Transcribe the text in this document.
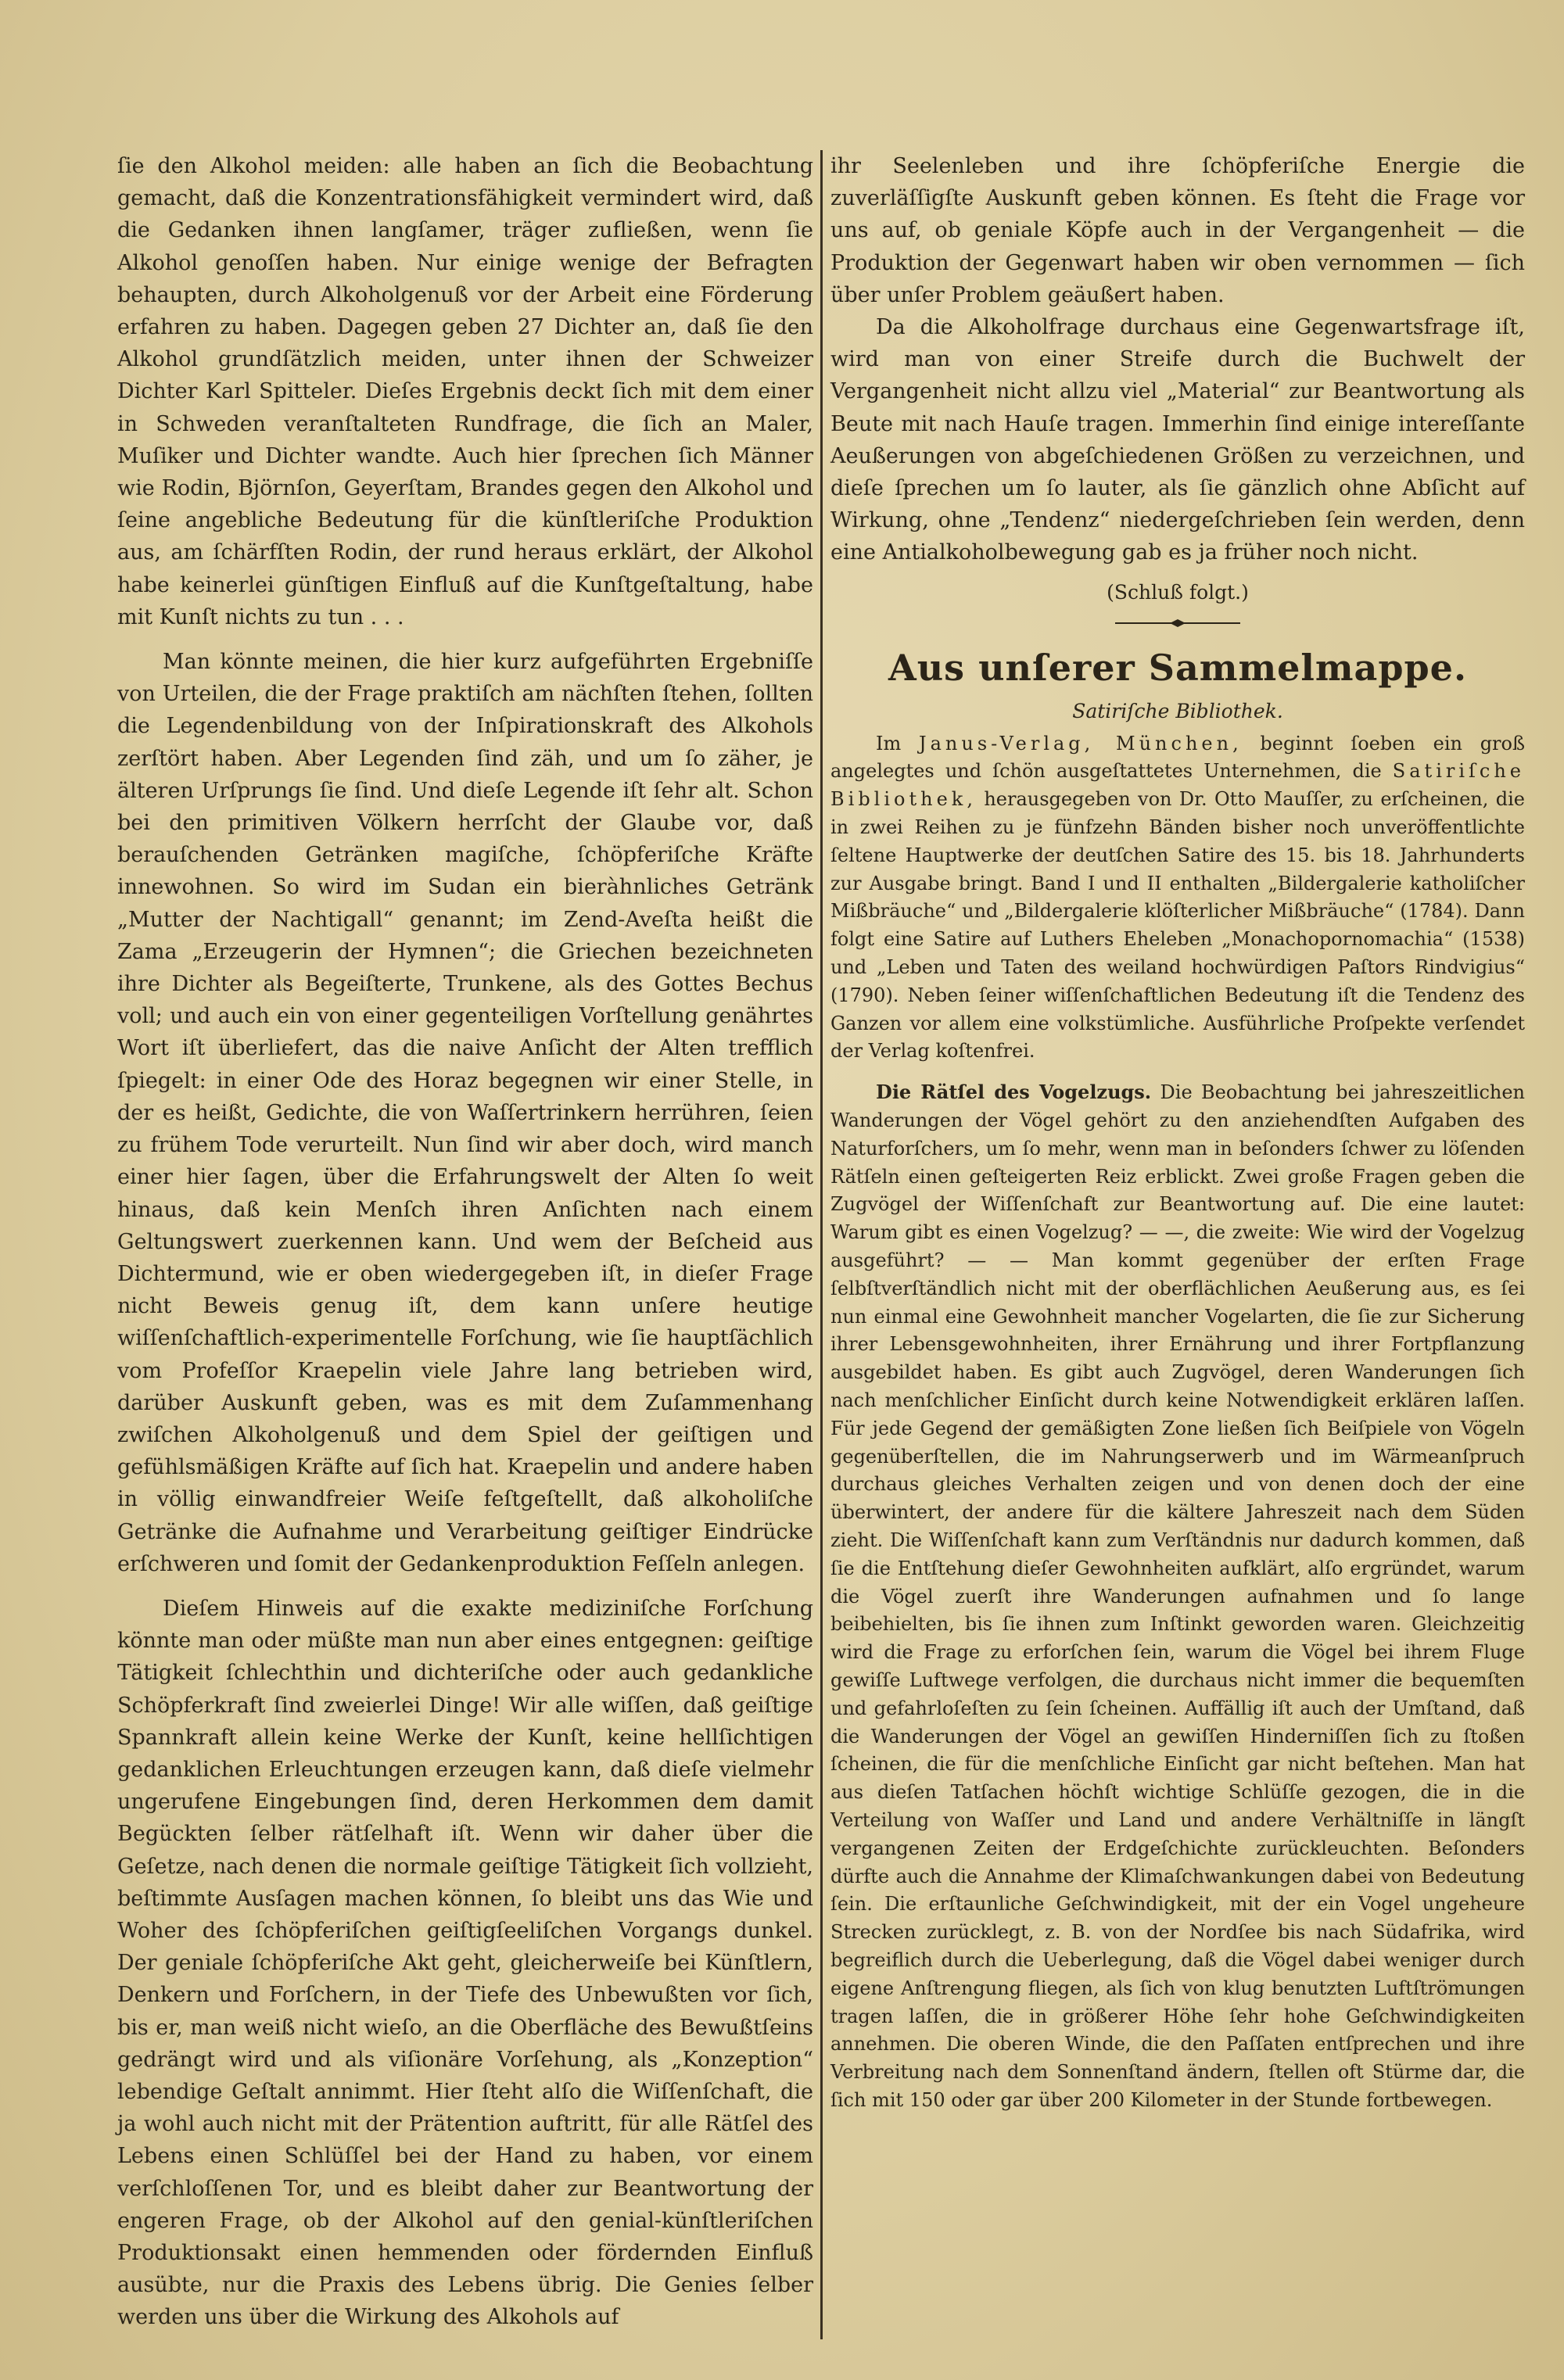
ſie den Alkohol meiden: alle haben an ſich die Beobachtung gemacht, daß die Konzentrationsfähigkeit vermindert wird, daß die Gedanken ihnen langſamer, träger zufließen, wenn ſie Alkohol genoſſen haben. Nur einige wenige der Befragten behaupten, durch Alkoholgenuß vor der Arbeit eine Förderung erfahren zu haben. Dagegen geben 27 Dichter an, daß ſie den Alkohol grundſätzlich meiden, unter ihnen der Schweizer Dichter Karl Spitteler. Dieſes Ergebnis deckt ſich mit dem einer in Schweden veranſtalteten Rundfrage, die ſich an Maler, Muſiker und Dichter wandte. Auch hier ſprechen ſich Männer wie Rodin, Björnſon, Geyerſtam, Brandes gegen den Alkohol und ſeine angebliche Bedeutung für die künſtleriſche Produktion aus, am ſchärfſten Rodin, der rund heraus erklärt, der Alkohol habe keinerlei günſtigen Einfluß auf die Kunſtgeſtaltung, habe mit Kunſt nichts zu tun . . .

Man könnte meinen, die hier kurz aufgeführten Ergebniſſe von Urteilen, die der Frage praktiſch am nächſten ſtehen, ſollten die Legendenbildung von der Inſpirationskraft des Alkohols zerſtört haben. Aber Legenden ſind zäh, und um ſo zäher, je älteren Urſprungs ſie ſind. Und dieſe Legende iſt ſehr alt. Schon bei den primitiven Völkern herrſcht der Glaube vor, daß berauſchenden Getränken magiſche, ſchöpferiſche Kräfte innewohnen. So wird im Sudan ein bieràhnliches Getränk „Mutter der Nachtigall“ genannt; im Zend-Aveſta heißt die Zama „Erzeugerin der Hymnen“; die Griechen bezeichneten ihre Dichter als Begeiſterte, Trunkene, als des Gottes Bechus voll; und auch ein von einer gegenteiligen Vorſtellung genährtes Wort iſt überliefert, das die naive Anſicht der Alten trefflich ſpiegelt: in einer Ode des Horaz begegnen wir einer Stelle, in der es heißt, Gedichte, die von Waſſertrinkern herrühren, ſeien zu frühem Tode verurteilt. Nun ſind wir aber doch, wird manch einer hier ſagen, über die Erfahrungswelt der Alten ſo weit hinaus, daß kein Menſch ihren Anſichten nach einem Geltungswert zuerkennen kann. Und wem der Beſcheid aus Dichtermund, wie er oben wiedergegeben iſt, in dieſer Frage nicht Beweis genug iſt, dem kann unſere heutige wiſſenſchaftlich-experimentelle Forſchung, wie ſie hauptſächlich vom Profeſſor Kraepelin viele Jahre lang betrieben wird, darüber Auskunft geben, was es mit dem Zuſammenhang zwiſchen Alkoholgenuß und dem Spiel der geiſtigen und gefühlsmäßigen Kräfte auf ſich hat. Kraepelin und andere haben in völlig einwandfreier Weiſe feſtgeſtellt, daß alkoholiſche Getränke die Aufnahme und Verarbeitung geiſtiger Eindrücke erſchweren und ſomit der Gedankenproduktion Feſſeln anlegen.

Dieſem Hinweis auf die exakte mediziniſche Forſchung könnte man oder müßte man nun aber eines entgegnen: geiſtige Tätigkeit ſchlechthin und dichteriſche oder auch gedankliche Schöpferkraft ſind zweierlei Dinge! Wir alle wiſſen, daß geiſtige Spannkraft allein keine Werke der Kunſt, keine hellſichtigen gedanklichen Erleuchtungen erzeugen kann, daß dieſe vielmehr ungerufene Eingebungen ſind, deren Herkommen dem damit Begückten ſelber rätſelhaft iſt. Wenn wir daher über die Geſetze, nach denen die normale geiſtige Tätigkeit ſich vollzieht, beſtimmte Ausſagen machen können, ſo bleibt uns das Wie und Woher des ſchöpferiſchen geiſtigſeeliſchen Vorgangs dunkel. Der geniale ſchöpferiſche Akt geht, gleicherweiſe bei Künſtlern, Denkern und Forſchern, in der Tiefe des Unbewußten vor ſich, bis er, man weiß nicht wieſo, an die Oberfläche des Bewußtſeins gedrängt wird und als viſionäre Vorſehung, als „Konzeption“ lebendige Geſtalt annimmt. Hier ſteht alſo die Wiſſenſchaft, die ja wohl auch nicht mit der Prätention auftritt, für alle Rätſel des Lebens einen Schlüſſel bei der Hand zu haben, vor einem verſchloſſenen Tor, und es bleibt daher zur Beantwortung der engeren Frage, ob der Alkohol auf den genial-künſtleriſchen Produktionsakt einen hemmenden oder fördernden Einfluß ausübte, nur die Praxis des Lebens übrig. Die Genies ſelber werden uns über die Wirkung des Alkohols auf

ihr Seelenleben und ihre ſchöpferiſche Energie die zuverläſſigſte Auskunft geben können. Es ſteht die Frage vor uns auf, ob geniale Köpfe auch in der Vergangenheit — die Produktion der Gegenwart haben wir oben vernommen — ſich über unſer Problem geäußert haben.

Da die Alkoholfrage durchaus eine Gegenwartsfrage iſt, wird man von einer Streife durch die Buchwelt der Vergangenheit nicht allzu viel „Material“ zur Beantwortung als Beute mit nach Hauſe tragen. Immerhin ſind einige intereſſante Aeußerungen von abgeſchiedenen Größen zu verzeichnen, und dieſe ſprechen um ſo lauter, als ſie gänzlich ohne Abſicht auf Wirkung, ohne „Tendenz“ niedergeſchrieben ſein werden, denn eine Antialkoholbewegung gab es ja früher noch nicht.

(Schluß folgt.)

Aus unſerer Sammelmappe.
Satiriſche Bibliothek.

Im Janus-Verlag, München, beginnt ſoeben ein groß angelegtes und ſchön ausgeſtattetes Unternehmen, die Satiriſche Bibliothek, herausgegeben von Dr. Otto Mauſſer, zu erſcheinen, die in zwei Reihen zu je fünfzehn Bänden bisher noch unveröffentlichte ſeltene Hauptwerke der deutſchen Satire des 15. bis 18. Jahrhunderts zur Ausgabe bringt. Band I und II enthalten „Bildergalerie katholiſcher Mißbräuche“ und „Bildergalerie klöſterlicher Mißbräuche“ (1784). Dann folgt eine Satire auf Luthers Eheleben „Monachopornomachia“ (1538) und „Leben und Taten des weiland hochwürdigen Paſtors Rindvigius“ (1790). Neben ſeiner wiſſenſchaftlichen Bedeutung iſt die Tendenz des Ganzen vor allem eine volkstümliche. Ausführliche Proſpekte verſendet der Verlag koſtenfrei.

Die Rätſel des Vogelzugs. Die Beobachtung bei jahreszeitlichen Wanderungen der Vögel gehört zu den anziehendſten Aufgaben des Naturforſchers, um ſo mehr, wenn man in beſonders ſchwer zu löſenden Rätſeln einen geſteigerten Reiz erblickt. Zwei große Fragen geben die Zugvögel der Wiſſenſchaft zur Beantwortung auf. Die eine lautet: Warum gibt es einen Vogelzug? — —, die zweite: Wie wird der Vogelzug ausgeführt? — — Man kommt gegenüber der erſten Frage ſelbſtverſtändlich nicht mit der oberflächlichen Aeußerung aus, es ſei nun einmal eine Gewohnheit mancher Vogelarten, die ſie zur Sicherung ihrer Lebensgewohnheiten, ihrer Ernährung und ihrer Fortpflanzung ausgebildet haben. Es gibt auch Zugvögel, deren Wanderungen ſich nach menſchlicher Einſicht durch keine Notwendigkeit erklären laſſen. Für jede Gegend der gemäßigten Zone ließen ſich Beiſpiele von Vögeln gegenüberſtellen, die im Nahrungserwerb und im Wärmeanſpruch durchaus gleiches Verhalten zeigen und von denen doch der eine überwintert, der andere für die kältere Jahreszeit nach dem Süden zieht. Die Wiſſenſchaft kann zum Verſtändnis nur dadurch kommen, daß ſie die Entſtehung dieſer Gewohnheiten aufklärt, alſo ergründet, warum die Vögel zuerſt ihre Wanderungen aufnahmen und ſo lange beibehielten, bis ſie ihnen zum Inſtinkt geworden waren. Gleichzeitig wird die Frage zu erforſchen ſein, warum die Vögel bei ihrem Fluge gewiſſe Luftwege verfolgen, die durchaus nicht immer die bequemſten und gefahrloſeſten zu ſein ſcheinen. Auffällig iſt auch der Umſtand, daß die Wanderungen der Vögel an gewiſſen Hinderniſſen ſich zu ſtoßen ſcheinen, die für die menſchliche Einſicht gar nicht beſtehen. Man hat aus dieſen Tatſachen höchſt wichtige Schlüſſe gezogen, die in die Verteilung von Waſſer und Land und andere Verhältniſſe in längſt vergangenen Zeiten der Erdgeſchichte zurückleuchten. Beſonders dürfte auch die Annahme der Klimaſchwankungen dabei von Bedeutung ſein. Die erſtaunliche Geſchwindigkeit, mit der ein Vogel ungeheure Strecken zurücklegt, z. B. von der Nordſee bis nach Südafrika, wird begreiflich durch die Ueberlegung, daß die Vögel dabei weniger durch eigene Anſtrengung fliegen, als ſich von klug benutzten Luftſtrömungen tragen laſſen, die in größerer Höhe ſehr hohe Geſchwindigkeiten annehmen. Die oberen Winde, die den Paſſaten entſprechen und ihre Verbreitung nach dem Sonnenſtand ändern, ſtellen oft Stürme dar, die ſich mit 150 oder gar über 200 Kilometer in der Stunde fortbewegen.
